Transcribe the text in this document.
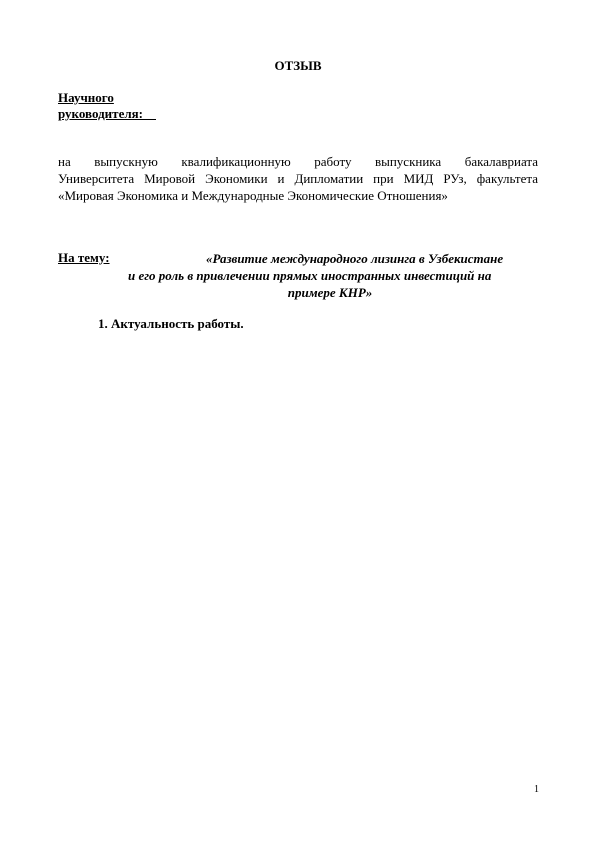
ОТЗЫВ
Научного
руководителя:
на выпускную квалификационную работу выпускника бакалавриата
Университета Мировой Экономики и Дипломатии при МИД РУз, факультета
«Мировая Экономика и Международные Экономические Отношения»
На тему:	«Развитие международного лизинга в Узбекистане
и его роль в привлечении прямых иностранных инвестиций на
примере КНР»
1. Актуальность работы.
1
